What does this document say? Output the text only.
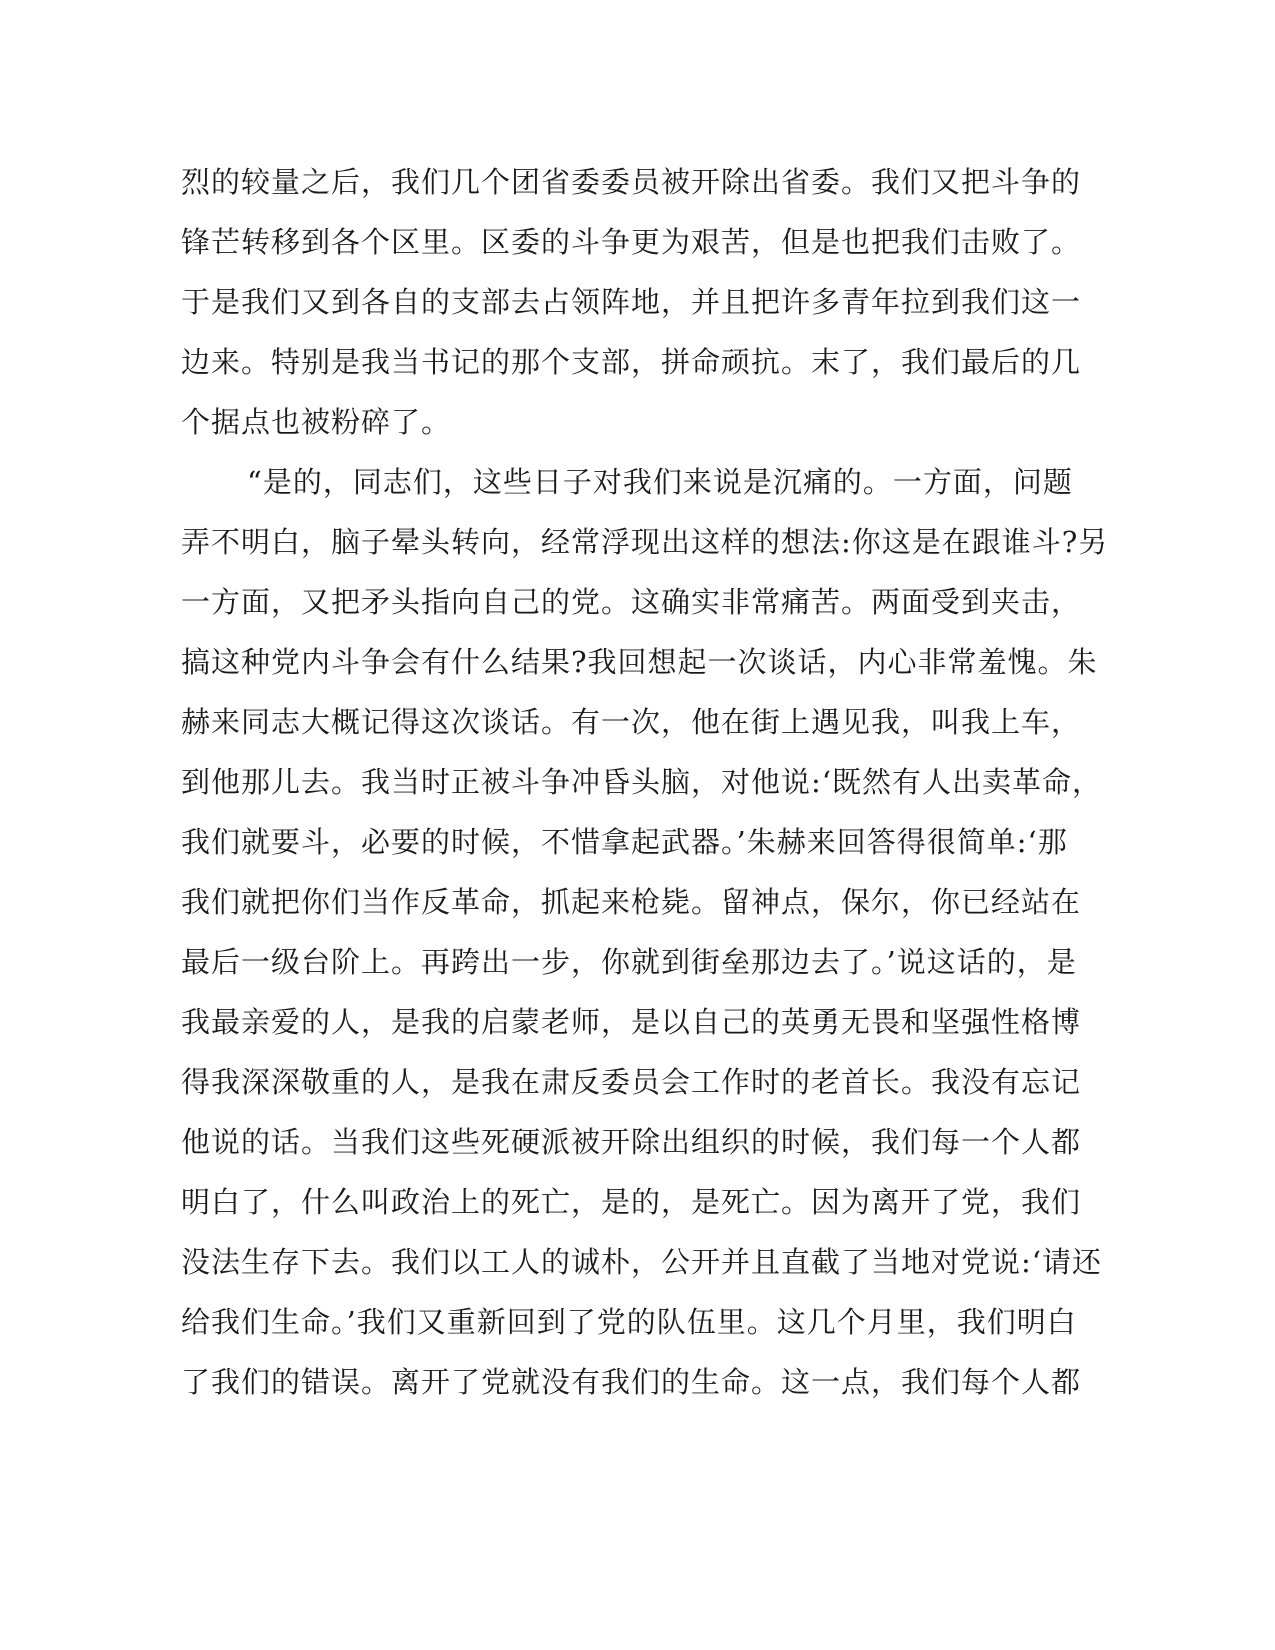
烈的较量之后，我们几个团省委委员被开除出省委。我们又把斗争的
锋芒转移到各个区里。区委的斗争更为艰苦，但是也把我们击败了。
于是我们又到各自的支部去占领阵地，并且把许多青年拉到我们这一
边来。特别是我当书记的那个支部，拼命顽抗。末了，我们最后的几
个据点也被粉碎了。
“是的，同志们，这些日子对我们来说是沉痛的。一方面，问题
弄不明白，脑子晕头转向，经常浮现出这样的想法:你这是在跟谁斗?另
一方面，又把矛头指向自己的党。这确实非常痛苦。两面受到夹击，
搞这种党内斗争会有什么结果?我回想起一次谈话，内心非常羞愧。朱
赫来同志大概记得这次谈话。有一次，他在街上遇见我，叫我上车，
到他那儿去。我当时正被斗争冲昏头脑，对他说:‘既然有人出卖革命，
我们就要斗，必要的时候，不惜拿起武器。’朱赫来回答得很简单:‘那
我们就把你们当作反革命，抓起来枪毙。留神点，保尔，你已经站在
最后一级台阶上。再跨出一步，你就到街垒那边去了。’说这话的，是
我最亲爱的人，是我的启蒙老师，是以自己的英勇无畏和坚强性格博
得我深深敬重的人，是我在肃反委员会工作时的老首长。我没有忘记
他说的话。当我们这些死硬派被开除出组织的时候，我们每一个人都
明白了，什么叫政治上的死亡，是的，是死亡。因为离开了党，我们
没法生存下去。我们以工人的诚朴，公开并且直截了当地对党说:‘请还
给我们生命。’我们又重新回到了党的队伍里。这几个月里，我们明白
了我们的错误。离开了党就没有我们的生命。这一点，我们每个人都
